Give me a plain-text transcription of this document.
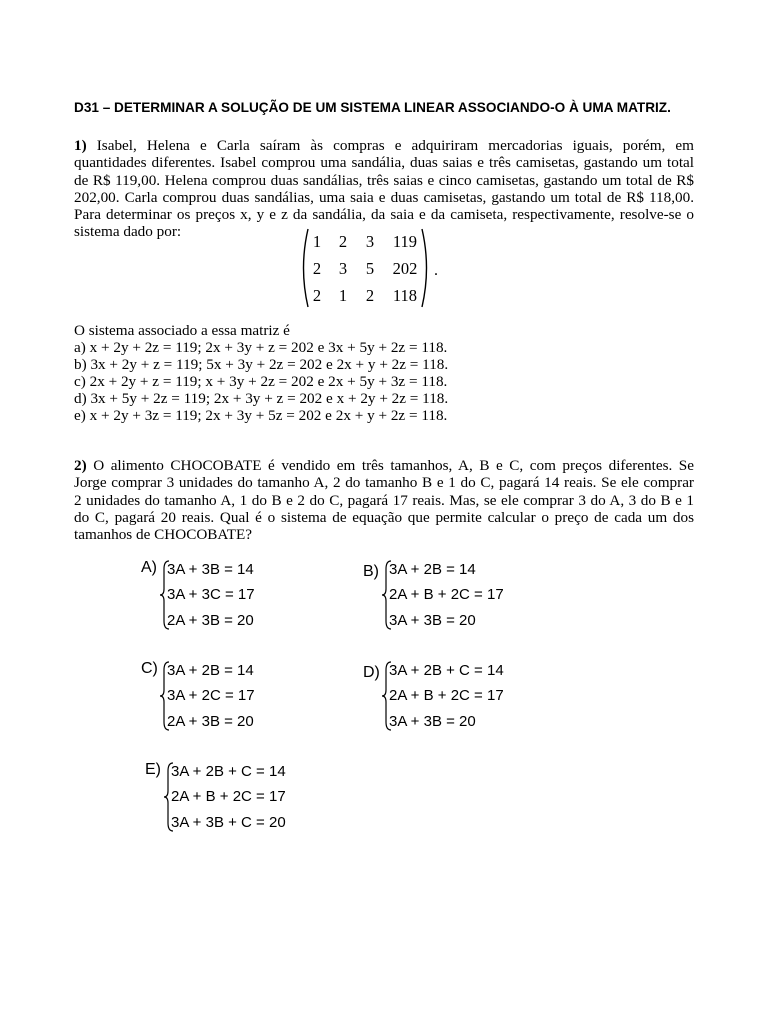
D31 – DETERMINAR A SOLUÇÃO DE UM SISTEMA LINEAR ASSOCIANDO-O À UMA MATRIZ.
1) Isabel, Helena e Carla saíram às compras e adquiriram mercadorias iguais, porém, em
quantidades diferentes. Isabel comprou uma sandália, duas saias e três camisetas, gastando um total
de R$ 119,00. Helena comprou duas sandálias, três saias e cinco camisetas, gastando um total de R$
202,00. Carla comprou duas sandálias, uma saia e duas camisetas, gastando um total de R$ 118,00.
Para determinar os preços x, y e z da sandália, da saia e da camiseta, respectivamente, resolve-se o
sistema dado por:
1	2	3	119
2	3	5	202
2	1	2	118
.
O sistema associado a essa matriz é
a) x + 2y + 2z = 119; 2x + 3y + z = 202 e 3x + 5y + 2z = 118.
b) 3x + 2y + z = 119; 5x + 3y + 2z = 202 e 2x + y + 2z = 118.
c) 2x + 2y + z = 119; x + 3y + 2z = 202 e 2x + 5y + 3z = 118.
d) 3x + 5y + 2z = 119; 2x + 3y + z = 202 e x + 2y + 2z = 118.
e) x + 2y + 3z = 119; 2x + 3y + 5z = 202 e 2x + y + 2z = 118.
2) O alimento CHOCOBATE é vendido em três tamanhos, A, B e C, com preços diferentes. Se
Jorge comprar 3 unidades do tamanho A, 2 do tamanho B e 1 do C, pagará 14 reais. Se ele comprar
2 unidades do tamanho A, 1 do B e 2 do C, pagará 17 reais. Mas, se ele comprar 3 do A, 3 do B e 1
do C, pagará 20 reais. Qual é o sistema de equação que permite calcular o preço de cada um dos
tamanhos de CHOCOBATE?
A) 3A + 3B = 14
3A + 3C = 17
2A + 3B = 20
B) 3A + 2B = 14
2A + B + 2C = 17
3A + 3B = 20
C) 3A + 2B = 14
3A + 2C = 17
2A + 3B = 20
D) 3A + 2B + C = 14
2A + B + 2C = 17
3A + 3B = 20
E) 3A + 2B + C = 14
2A + B + 2C = 17
3A + 3B + C = 20
